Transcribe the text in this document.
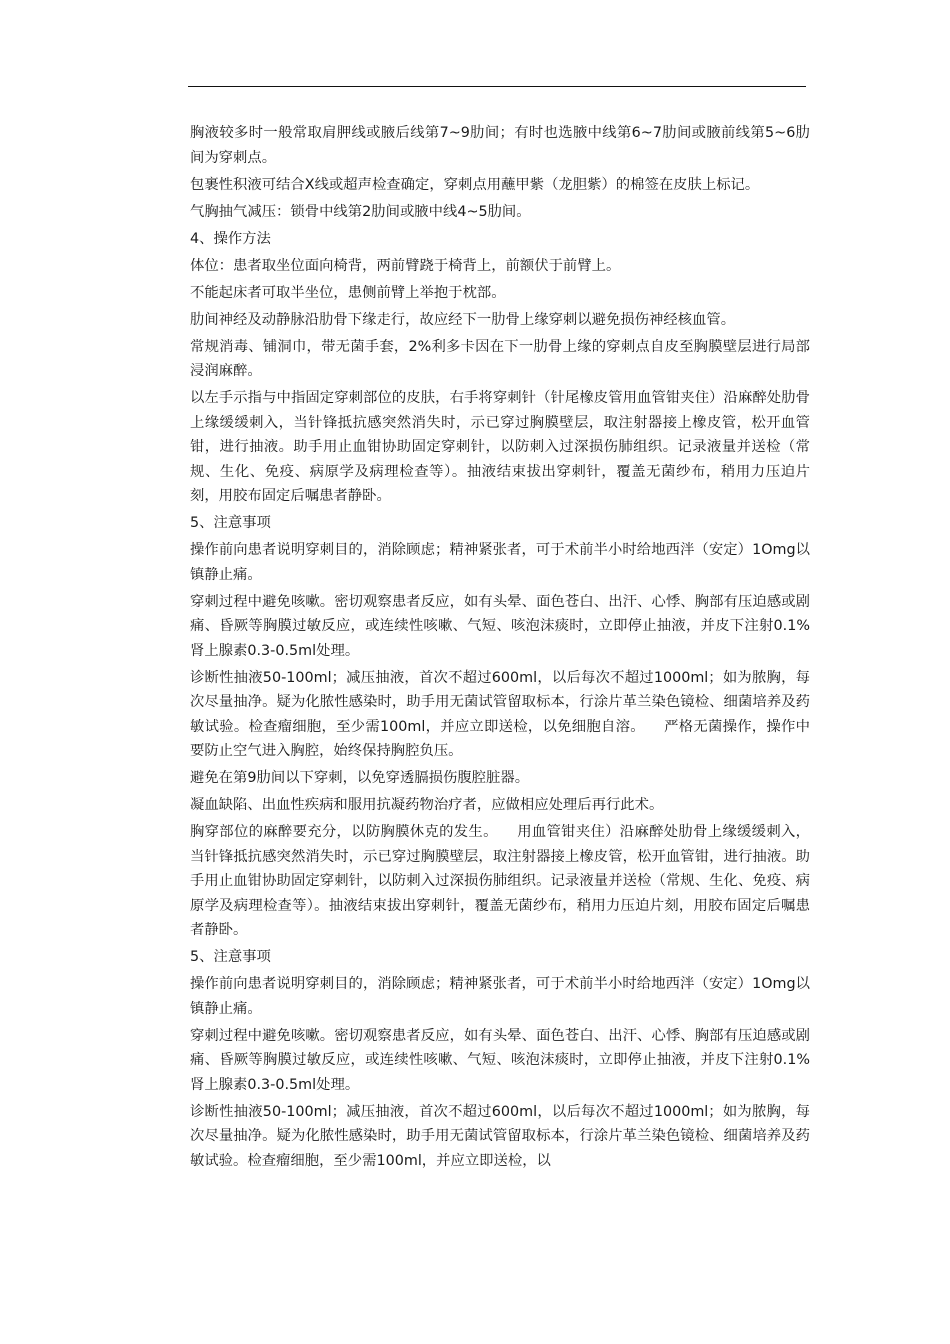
胸液较多时一般常取肩胛线或腋后线第7~9肋间；有时也选腋中线第6~7肋间或腋前线第5~6肋间为穿刺点。

包裹性积液可结合X线或超声检查确定，穿刺点用蘸甲紫（龙胆紫）的棉签在皮肤上标记。

气胸抽气减压：锁骨中线第2肋间或腋中线4~5肋间。

4、操作方法

体位：患者取坐位面向椅背，两前臂跷于椅背上，前额伏于前臂上。

不能起床者可取半坐位，患侧前臂上举抱于枕部。

肋间神经及动静脉沿肋骨下缘走行，故应经下一肋骨上缘穿刺以避免损伤神经核血管。

常规消毒、铺洞巾，带无菌手套，2%利多卡因在下一肋骨上缘的穿刺点自皮至胸膜壁层进行局部浸润麻醉。

以左手示指与中指固定穿刺部位的皮肤，右手将穿刺针（针尾橡皮管用血管钳夹住）沿麻醉处肋骨上缘缓缓刺入，当针锋抵抗感突然消失时，示已穿过胸膜壁层，取注射器接上橡皮管，松开血管钳，进行抽液。助手用止血钳协助固定穿刺针，以防刺入过深损伤肺组织。记录液量并送检（常规、生化、免疫、病原学及病理检查等）。抽液结束拔出穿刺针，覆盖无菌纱布，稍用力压迫片刻，用胶布固定后嘱患者静卧。

5、注意事项

操作前向患者说明穿刺目的，消除顾虑；精神紧张者，可于术前半小时给地西泮（安定）1Omg以镇静止痛。

穿刺过程中避免咳嗽。密切观察患者反应，如有头晕、面色苍白、出汗、心悸、胸部有压迫感或剧痛、昏厥等胸膜过敏反应，或连续性咳嗽、气短、咳泡沫痰时，立即停止抽液，并皮下注射0.1%肾上腺素0.3-0.5ml处理。

诊断性抽液50-100ml；减压抽液，首次不超过600ml，以后每次不超过1000ml；如为脓胸，每次尽量抽净。疑为化脓性感染时，助手用无菌试管留取标本，行涂片革兰染色镜检、细菌培养及药敏试验。检查瘤细胞，至少需100ml，并应立即送检，以免细胞自溶。    严格无菌操作，操作中要防止空气进入胸腔，始终保持胸腔负压。

避免在第9肋间以下穿刺，以免穿透膈损伤腹腔脏器。

凝血缺陷、出血性疾病和服用抗凝药物治疗者，应做相应处理后再行此术。

胸穿部位的麻醉要充分，以防胸膜休克的发生。    用血管钳夹住）沿麻醉处肋骨上缘缓缓刺入，当针锋抵抗感突然消失时，示已穿过胸膜壁层，取注射器接上橡皮管，松开血管钳，进行抽液。助手用止血钳协助固定穿刺针，以防刺入过深损伤肺组织。记录液量并送检（常规、生化、免疫、病原学及病理检查等）。抽液结束拔出穿刺针，覆盖无菌纱布，稍用力压迫片刻，用胶布固定后嘱患者静卧。

5、注意事项

操作前向患者说明穿刺目的，消除顾虑；精神紧张者，可于术前半小时给地西泮（安定）1Omg以镇静止痛。

穿刺过程中避免咳嗽。密切观察患者反应，如有头晕、面色苍白、出汗、心悸、胸部有压迫感或剧痛、昏厥等胸膜过敏反应，或连续性咳嗽、气短、咳泡沫痰时，立即停止抽液，并皮下注射0.1%肾上腺素0.3-0.5ml处理。

诊断性抽液50-100ml；减压抽液，首次不超过600ml，以后每次不超过1000ml；如为脓胸，每次尽量抽净。疑为化脓性感染时，助手用无菌试管留取标本，行涂片革兰染色镜检、细菌培养及药敏试验。检查瘤细胞，至少需100ml，并应立即送检，以
